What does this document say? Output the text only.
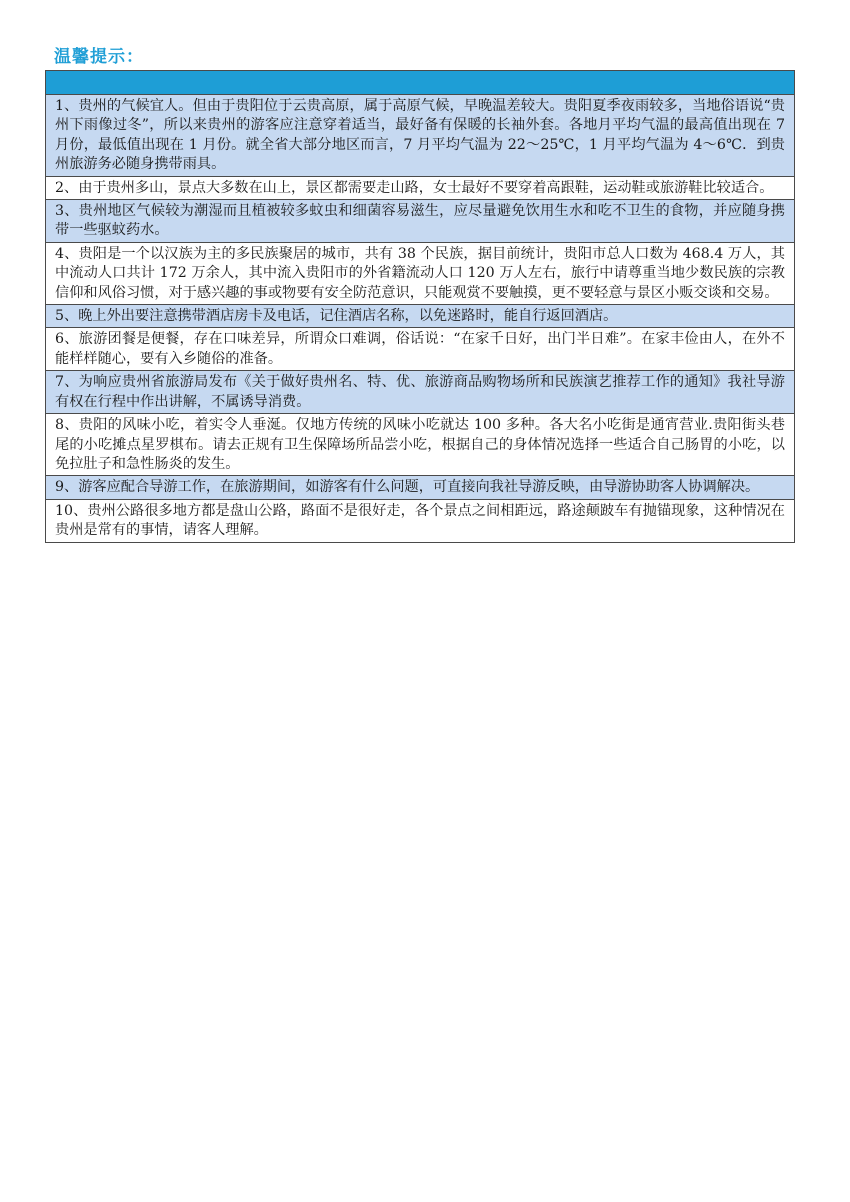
温馨提示：

1、贵州的气候宜人。但由于贵阳位于云贵高原，属于高原气候，早晚温差较大。贵阳夏季夜雨较多，当地俗语说“贵州下雨像过冬”，所以来贵州的游客应注意穿着适当，最好备有保暖的长袖外套。各地月平均气温的最高值出现在 7 月份，最低值出现在 1 月份。就全省大部分地区而言，7 月平均气温为 22～25℃，1 月平均气温为 4～6℃．到贵州旅游务必随身携带雨具。
2、由于贵州多山，景点大多数在山上，景区都需要走山路，女士最好不要穿着高跟鞋，运动鞋或旅游鞋比较适合。
3、贵州地区气候较为潮湿而且植被较多蚊虫和细菌容易滋生，应尽量避免饮用生水和吃不卫生的食物，并应随身携带一些驱蚊药水。
4、贵阳是一个以汉族为主的多民族聚居的城市，共有 38 个民族，据目前统计，贵阳市总人口数为 468.4 万人，其中流动人口共计 172 万余人，其中流入贵阳市的外省籍流动人口 120 万人左右，旅行中请尊重当地少数民族的宗教信仰和风俗习惯，对于感兴趣的事或物要有安全防范意识，只能观赏不要触摸，更不要轻意与景区小贩交谈和交易。
5、晚上外出要注意携带酒店房卡及电话，记住酒店名称，以免迷路时，能自行返回酒店。
6、旅游团餐是便餐，存在口味差异，所谓众口难调，俗话说：“在家千日好，出门半日难”。在家丰俭由人，在外不能样样随心，要有入乡随俗的准备。
7、为响应贵州省旅游局发布《关于做好贵州名、特、优、旅游商品购物场所和民族演艺推荐工作的通知》我社导游有权在行程中作出讲解，不属诱导消费。
8、贵阳的风味小吃，着实令人垂涎。仅地方传统的风味小吃就达 100 多种。各大名小吃街是通宵营业.贵阳街头巷尾的小吃摊点星罗棋布。请去正规有卫生保障场所品尝小吃，根据自己的身体情况选择一些适合自己肠胃的小吃，以免拉肚子和急性肠炎的发生。
9、游客应配合导游工作，在旅游期间，如游客有什么问题，可直接向我社导游反映，由导游协助客人协调解决。
10、贵州公路很多地方都是盘山公路，路面不是很好走，各个景点之间相距远，路途颠跛车有抛锚现象，这种情况在贵州是常有的事情，请客人理解。
